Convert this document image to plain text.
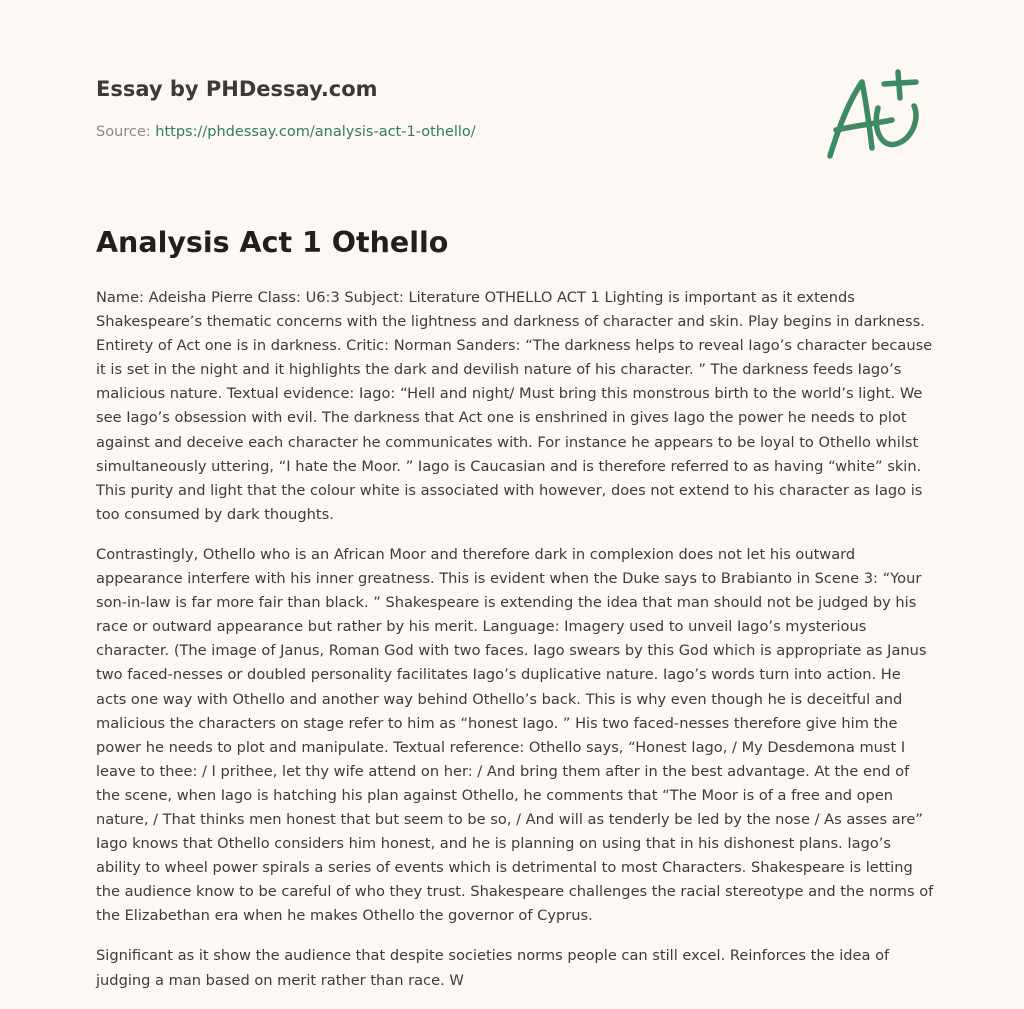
Essay by PHDessay.com
Source: https://phdessay.com/analysis-act-1-othello/
Analysis Act 1 Othello

Name: Adeisha Pierre Class: U6:3 Subject: Literature OTHELLO ACT 1 Lighting is important as it extends Shakespeare’s thematic concerns with the lightness and darkness of character and skin. Play begins in darkness. Entirety of Act one is in darkness. Critic: Norman Sanders: “The darkness helps to reveal Iago’s character because it is set in the night and it highlights the dark and devilish nature of his character. ” The darkness feeds Iago’s malicious nature. Textual evidence: Iago: “Hell and night/ Must bring this monstrous birth to the world’s light. We see Iago’s obsession with evil. The darkness that Act one is enshrined in gives Iago the power he needs to plot against and deceive each character he communicates with. For instance he appears to be loyal to Othello whilst simultaneously uttering, “I hate the Moor. ” Iago is Caucasian and is therefore referred to as having “white” skin. This purity and light that the colour white is associated with however, does not extend to his character as Iago is too consumed by dark thoughts.

Contrastingly, Othello who is an African Moor and therefore dark in complexion does not let his outward appearance interfere with his inner greatness. This is evident when the Duke says to Brabianto in Scene 3: “Your son-in-law is far more fair than black. ” Shakespeare is extending the idea that man should not be judged by his race or outward appearance but rather by his merit. Language: Imagery used to unveil Iago’s mysterious character. (The image of Janus, Roman God with two faces. Iago swears by this God which is appropriate as Janus two faced-nesses or doubled personality facilitates Iago’s duplicative nature. Iago’s words turn into action. He acts one way with Othello and another way behind Othello’s back. This is why even though he is deceitful and malicious the characters on stage refer to him as “honest Iago. ” His two faced-nesses therefore give him the power he needs to plot and manipulate. Textual reference: Othello says, “Honest Iago, / My Desdemona must I leave to thee: / I prithee, let thy wife attend on her: / And bring them after in the best advantage. At the end of the scene, when Iago is hatching his plan against Othello, he comments that “The Moor is of a free and open nature, / That thinks men honest that but seem to be so, / And will as tenderly be led by the nose / As asses are” Iago knows that Othello considers him honest, and he is planning on using that in his dishonest plans. Iago’s ability to wheel power spirals a series of events which is detrimental to most Characters. Shakespeare is letting the audience know to be careful of who they trust. Shakespeare challenges the racial stereotype and the norms of the Elizabethan era when he makes Othello the governor of Cyprus.

Significant as it show the audience that despite societies norms people can still excel. Reinforces the idea of judging a man based on merit rather than race. W
